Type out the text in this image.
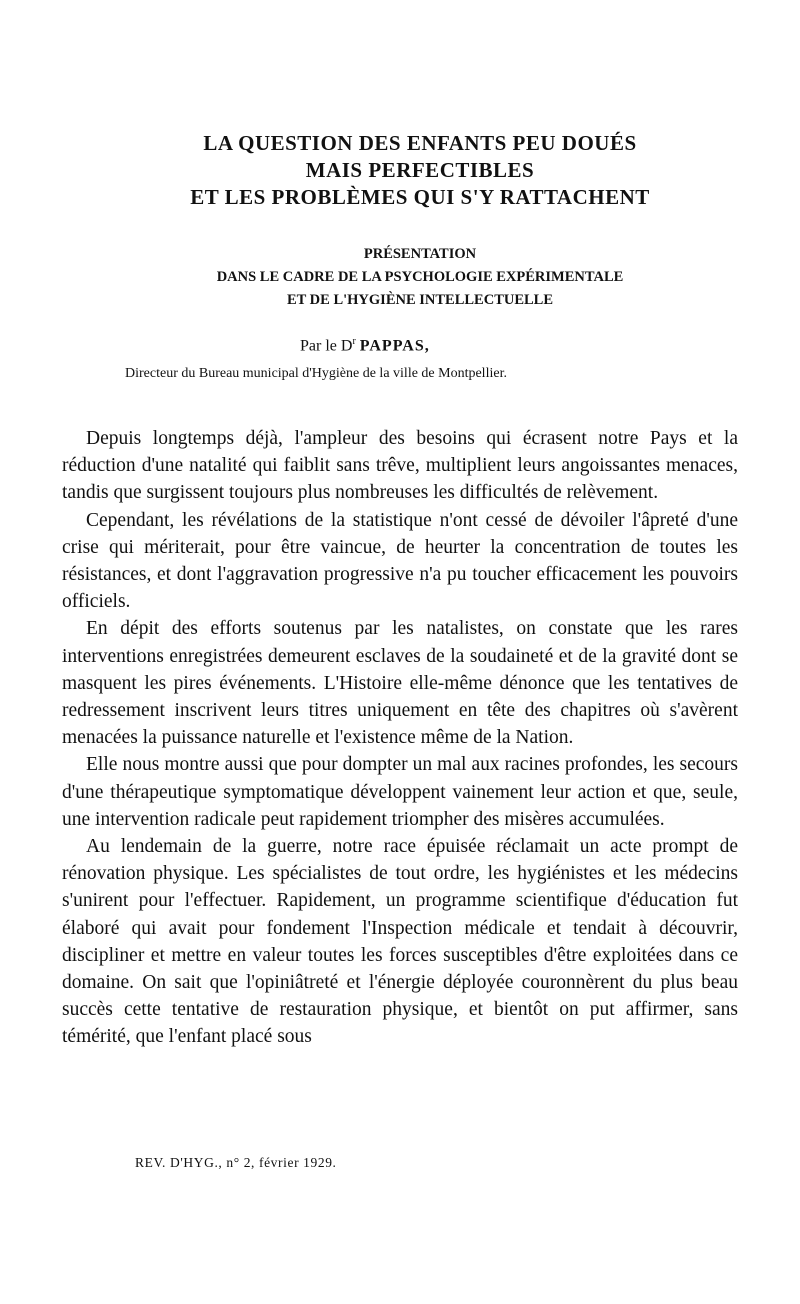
LA QUESTION DES ENFANTS PEU DOUÉS
MAIS PERFECTIBLES
ET LES PROBLÈMES QUI S'Y RATTACHENT
PRÉSENTATION
DANS LE CADRE DE LA PSYCHOLOGIE EXPÉRIMENTALE
ET DE L'HYGIÈNE INTELLECTUELLE
Par le $D^r$ PAPPAS,
Directeur du Bureau municipal d'Hygiène de la ville de Montpellier.

Depuis longtemps déjà, l'ampleur des besoins qui écrasent notre Pays et la réduction d'une natalité qui faiblit sans trêve, multiplient leurs angoissantes menaces, tandis que surgissent toujours plus nombreuses les difficultés de relèvement.

Cependant, les révélations de la statistique n'ont cessé de dévoiler l'âpreté d'une crise qui mériterait, pour être vaincue, de heurter la concentration de toutes les résistances, et dont l'aggravation progressive n'a pu toucher efficacement les pouvoirs officiels.

En dépit des efforts soutenus par les natalistes, on constate que les rares interventions enregistrées demeurent esclaves de la soudaineté et de la gravité dont se masquent les pires événements. L'Histoire elle-même dénonce que les tentatives de redressement inscrivent leurs titres uniquement en tête des chapitres où s'avèrent menacées la puissance naturelle et l'existence même de la Nation.

Elle nous montre aussi que pour dompter un mal aux racines profondes, les secours d'une thérapeutique symptomatique développent vainement leur action et que, seule, une intervention radicale peut rapidement triompher des misères accumulées.

Au lendemain de la guerre, notre race épuisée réclamait un acte prompt de rénovation physique. Les spécialistes de tout ordre, les hygiénistes et les médecins s'unirent pour l'effectuer. Rapidement, un programme scientifique d'éducation fut élaboré qui avait pour fondement l'Inspection médicale et tendait à découvrir, discipliner et mettre en valeur toutes les forces susceptibles d'être exploitées dans ce domaine. On sait que l'opiniâtreté et l'énergie déployée couronnèrent du plus beau succès cette tentative de restauration physique, et bientôt on put affirmer, sans témérité, que l'enfant placé sous

REV. D'HYG., n° 2, février 1929.
